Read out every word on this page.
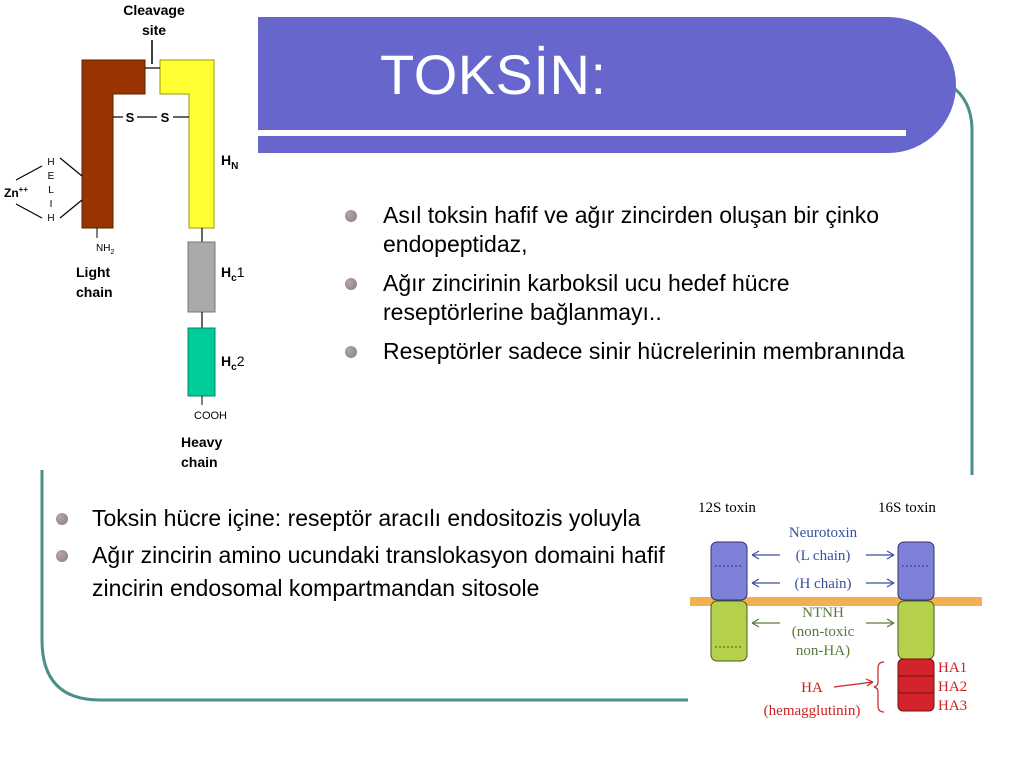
TOKSİN:
Asıl toksin hafif ve ağır zincirden oluşan bir çinko endopeptidaz,
Ağır zincirinin karboksil ucu hedef hücre reseptörlerine bağlanmayı..
Reseptörler sadece sinir hücrelerinin membranında
Toksin hücre içine: reseptör aracılı endositozis yoluyla
Ağır zincirin amino ucundaki translokasyon domaini hafif zincirin endosomal kompartmandan sitosole
Cleavage
site
S S
H
E
L
I
H
Zn++
$NH_2$
Light
chain
$H_N$
$H_c1$
$H_c2$
COOH
Heavy
chain
12S toxin	16S toxin
Neurotoxin
(L chain)
(H chain)
NTNH
(non-toxic
non-HA)
HA
(hemagglutinin)
HA1
HA2
HA3
